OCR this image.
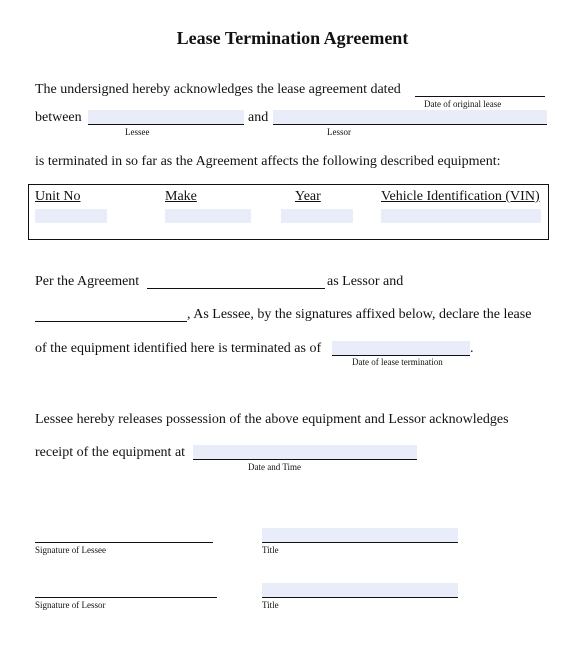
Lease Termination Agreement
The undersigned hereby acknowledges the lease agreement dated
Date of original lease
between
Lessee
and
Lessor
is terminated in so far as the Agreement affects the following described equipment:
Unit No	Make	Year	Vehicle Identification (VIN)
Per the Agreement	as Lessor and
, As Lessee, by the signatures affixed below, declare the lease
of the equipment identified here is terminated as of	.
Date of lease termination
Lessee hereby releases possession of the above equipment and Lessor acknowledges
receipt of the equipment at
Date and Time
Signature of Lessee	Title
Signature of Lessor	Title
